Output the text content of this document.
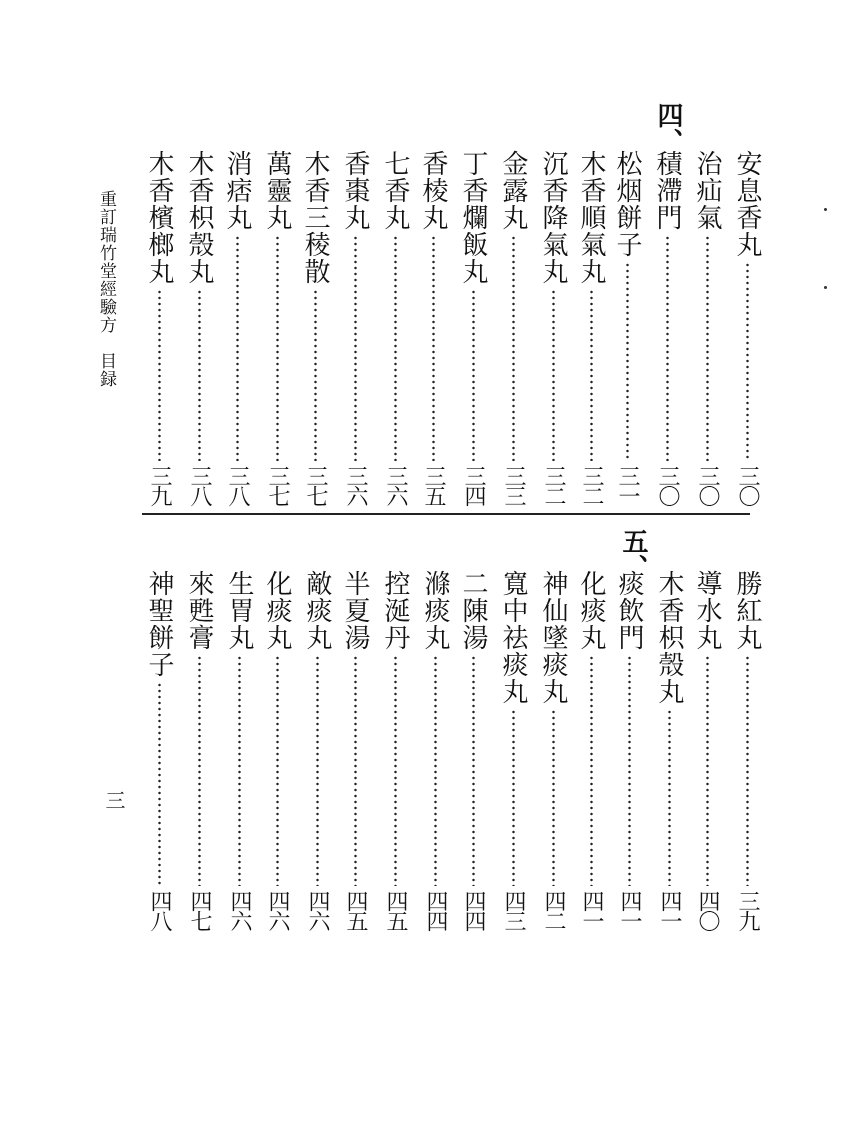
重訂瑞竹堂經驗方　目録
三
四、
五、
安息香丸
三〇
治疝氣
三〇
積滯門
三〇
松烟餅子
三一
木香順氣丸
三二
沉香降氣丸
三二
金露丸
三三
丁香爛飯丸
三四
香棱丸
三五
七香丸
三六
香棗丸
三六
木香三稜散
三七
萬靈丸
三七
消痞丸
三八
木香枳殼丸
三八
木香檳榔丸
三九
勝紅丸
三九
導水丸
四〇
木香枳殼丸
四一
痰飲門
四一
化痰丸
四一
神仙墜痰丸
四二
寬中祛痰丸
四三
二陳湯
四四
滌痰丸
四四
控涎丹
四五
半夏湯
四五
敵痰丸
四六
化痰丸
四六
生胃丸
四六
來甦膏
四七
神聖餅子
四八
